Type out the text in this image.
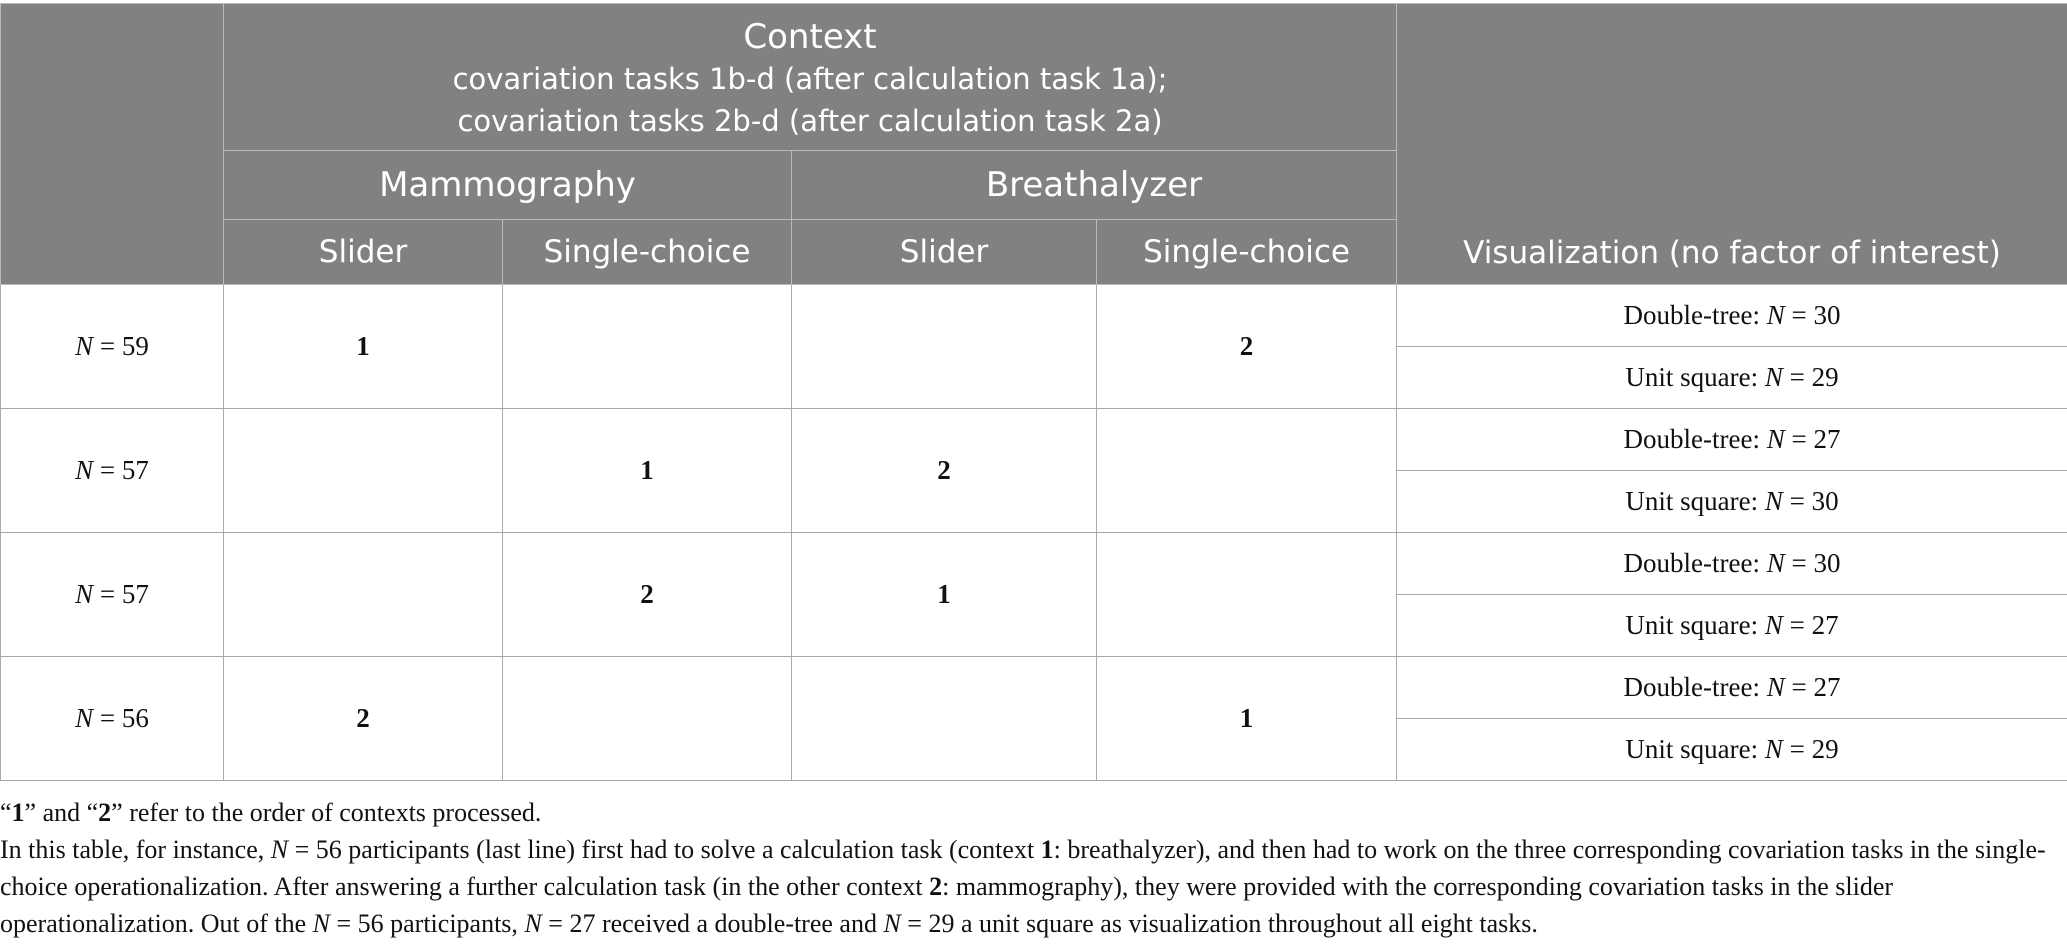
	Context
covariation tasks 1b-d (after calculation task 1a);
covariation tasks 2b-d (after calculation task 2a)				Visualization (no factor of interest)
	Mammography		Breathalyzer		
	Slider	Single-choice	Slider	Single-choice	
N = 59	1			2	Double-tree: N = 30
					Unit square: N = 29
N = 57		1	2		Double-tree: N = 27
					Unit square: N = 30
N = 57		2	1		Double-tree: N = 30
					Unit square: N = 27
N = 56	2			1	Double-tree: N = 27
					Unit square: N = 29

“1” and “2” refer to the order of contexts processed.

In this table, for instance, N = 56 participants (last line) first had to solve a calculation task (context 1: breathalyzer), and then had to work on the three corresponding covariation tasks in the single-choice operationalization. After answering a further calculation task (in the other context 2: mammography), they were provided with the corresponding covariation tasks in the slider operationalization. Out of the N = 56 participants, N = 27 received a double-tree and N = 29 a unit square as visualization throughout all eight tasks.
